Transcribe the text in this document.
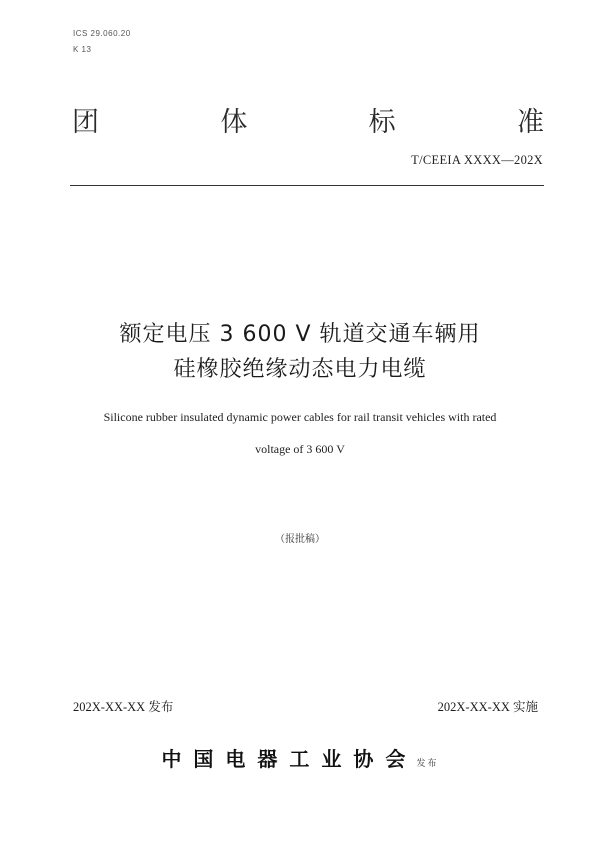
ICS 29.060.20
K 13
团	体	标	准
T/CEEIA XXXX—202X
额定电压 3 600 V 轨道交通车辆用
硅橡胶绝缘动态电力电缆
Silicone rubber insulated dynamic power cables for rail transit vehicles with rated
voltage of 3 600 V
（报批稿）
202X-XX-XX 发布	202X-XX-XX 实施
中国电器工业协会 发布
